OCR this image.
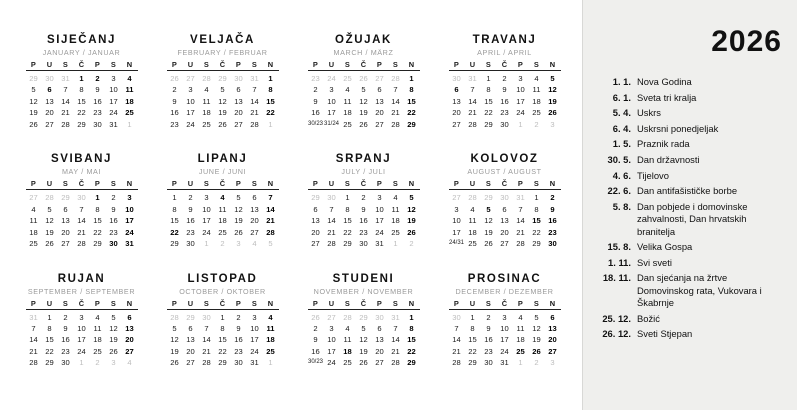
SIJEČANJ
JANUARY / JANUAR
P	U	S	Č	P	S	N
29 30 31	1	2	3	4
5	6	7	8	9	10	11
12 13 14 15 16 17 18
19 20 21 22 23 24 25
26 27 28 29 30 31	1
VELJAČA
FEBRUARY / FEBRUAR
P	U	S	Č	P	S	N
26 27 28 29 30 31	1
2	3	4	5	6	7	8
9	10	11	12 13 14 15
16 17 18 19 20 21 22
23 24 25 26 27 28	1
OŽUJAK
MARCH / MÄRZ
P	U	S	Č	P	S	N
23 24 25 26 27 28	1
2	3	4	5	6	7	8
9	10	11	12 13 14 15
16 17 18 19 20 21 22
30/23 31/24 25 26 27 28 29
TRAVANJ
APRIL / APRIL
P	U	S	Č	P	S	N
30 31	1	2	3	4	5
6	7	8	9	10	11	12
13 14 15 16 17 18 19
20 21 22 23 24 25 26
27 28 29 30	1	2	3
SVIBANJ
MAY / MAI
P	U	S	Č	P	S	N
27 28 29 30	1	2	3
4	5	6	7	8	9	10
11	12 13 14 15 16 17
18 19 20 21 22 23 24
25 26 27 28 29 30 31
LIPANJ
JUNE / JUNI
P	U	S	Č	P	S	N
1	2	3	4	5	6	7
8	9	10	11	12 13 14
15 16 17 18 19 20 21
22 23 24 25 26 27 28
29 30	1	2	3	4	5
SRPANJ
JULY / JULI
P	U	S	Č	P	S	N
29 30	1	2	3	4	5
6	7	8	9	10	11	12
13 14 15 16 17 18 19
20 21 22 23 24 25 26
27 28 29 30 31	1	2
KOLOVOZ
AUGUST / AUGUST
P	U	S	Č	P	S	N
27 28 29 30 31	1	2
3	4	5	6	7	8	9
10	11	12 13 14 15 16
17 18 19 20 21 22 23
24/31 25 26 27 28 29 30
RUJAN
SEPTEMBER / SEPTEMBER
P	U	S	Č	P	S	N
31	1	2	3	4	5	6
7	8	9	10	11	12 13
14 15 16 17 18 19 20
21 22 23 24 25 26 27
28 29 30	1	2	3	4
LISTOPAD
OCTOBER / OKTOBER
P	U	S	Č	P	S	N
28 29 30	1	2	3	4
5	6	7	8	9	10	11
12 13 14 15 16 17 18
19 20 21 22 23 24 25
26 27 28 29 30 31	1
STUDENI
NOVEMBER / NOVEMBER
P	U	S	Č	P	S	N
26 27 28 29 30 31	1
2	3	4	5	6	7	8
9	10	11	12 13 14 15
16 17 18 19 20 21 22
30/23 24 25 26 27 28 29
PROSINAC
DECEMBER / DEZEMBER
P	U	S	Č	P	S	N
30	1	2	3	4	5	6
7	8	9	10	11	12 13
14 15 16 17 18 19 20
21 22 23 24 25 26 27
28 29 30 31	1	2	3
2026
1. 1. Nova Godina
6. 1. Sveta tri kralja
5. 4. Uskrs
6. 4. Uskrsni ponedjeljak
1. 5. Praznik rada
30. 5. Dan državnosti
4. 6. Tijelovo
22. 6. Dan antifašističke borbe
5. 8. Dan pobjede i domovinske zahvalnosti, Dan hrvatskih branitelja
15. 8. Velika Gospa
1. 11. Svi sveti
18. 11. Dan sjećanja na žrtve Domovinskog rata, Vukovara i Škabrnje
25. 12. Božić
26. 12. Sveti Stjepan
